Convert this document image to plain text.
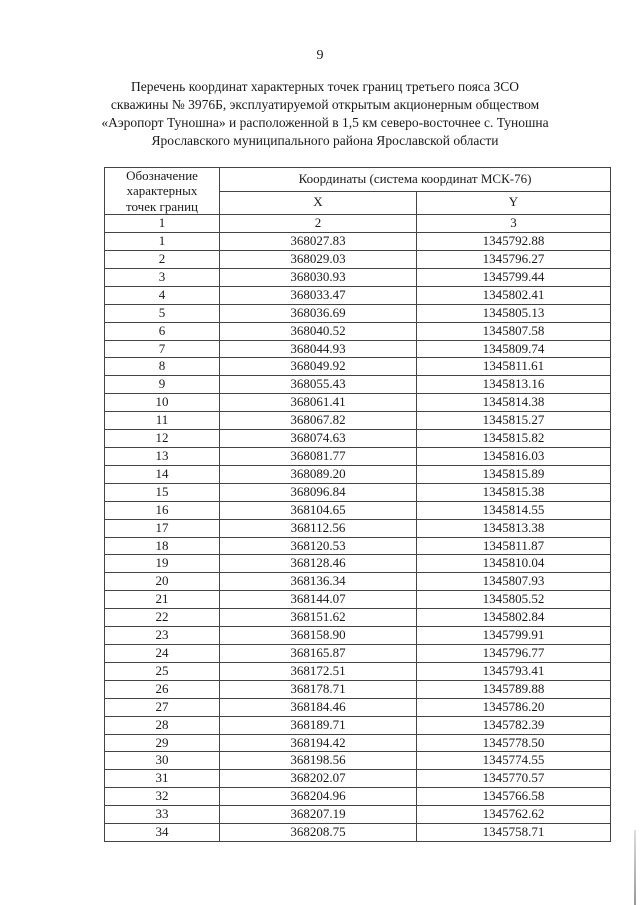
9
Перечень координат характерных точек границ третьего пояса ЗСО
скважины № 3976Б, эксплуатируемой открытым акционерным обществом
«Аэропорт Туношна» и расположенной в 1,5 км северо-восточнее с. Туношна
Ярославского муниципального района Ярославской области
Обозначение
характерных
точек границ	Координаты (система координат МСК-76)	
	X	Y
1	2	3
1	368027.83	1345792.88
2	368029.03	1345796.27
3	368030.93	1345799.44
4	368033.47	1345802.41
5	368036.69	1345805.13
6	368040.52	1345807.58
7	368044.93	1345809.74
8	368049.92	1345811.61
9	368055.43	1345813.16
10	368061.41	1345814.38
11	368067.82	1345815.27
12	368074.63	1345815.82
13	368081.77	1345816.03
14	368089.20	1345815.89
15	368096.84	1345815.38
16	368104.65	1345814.55
17	368112.56	1345813.38
18	368120.53	1345811.87
19	368128.46	1345810.04
20	368136.34	1345807.93
21	368144.07	1345805.52
22	368151.62	1345802.84
23	368158.90	1345799.91
24	368165.87	1345796.77
25	368172.51	1345793.41
26	368178.71	1345789.88
27	368184.46	1345786.20
28	368189.71	1345782.39
29	368194.42	1345778.50
30	368198.56	1345774.55
31	368202.07	1345770.57
32	368204.96	1345766.58
33	368207.19	1345762.62
34	368208.75	1345758.71
